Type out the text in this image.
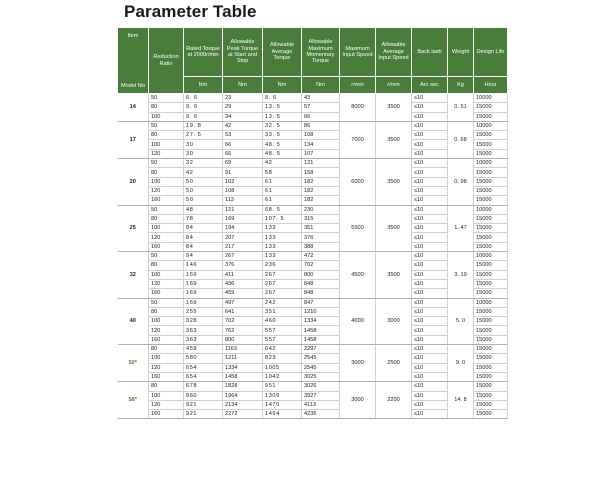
Parameter Table
Item
Model No	Reduction Ratio	Rated Torque at 2000r/min	Allowable Peak Torque at Start and Stop	Allowable Average Torque	Allowable Maximum Momentary Torque	Maximum Input Speed	Allowable Average Input Speed	Back lash	Weight	Design Life
		Nm	Nm	Nm	Nm	r/min	r/min	Arc sec	Kg	Hour
14	50	6. 6	23	8. 6	43	8000	3500	≤10	0. 51	10000
	80	9. 6	29	13. 5	57			≤10		15000
	100	9. 6	34	13. 5	66			≤10		15000
17	50	19. 8	42	32. 5	86	7000	3500	≤10	0. 68	10000
	80	27. 5	53	33. 5	108			≤10		15000
	100	30	66	48. 5	134			≤10		15000
	120	30	66	48. 5	107			≤10		15000
20	50	32	69	42	121	6000	3500	≤10	0. 98	10000
	80	42	91	58	158			≤10		15000
	100	50	102	61	182			≤10		15000
	120	50	108	61	182			≤10		15000
	160	50	113	61	182			≤10		15000
25	50	48	121	68. 5	230	5500	3500	≤10	1. 47	10000
	80	78	169	107. 5	315			≤10		15000
	100	84	194	133	351			≤10		15000
	120	84	207	133	376			≤10		15000
	160	84	217	133	388			≤10		15000
32	50	94	267	133	472	4500	3500	≤10	3. 19	10000
	80	146	376	236	702			≤10		15000
	100	169	411	267	800			≤10		15000
	120	169	436	267	848			≤10		15000
	160	169	459	267	848			≤10		15000
40	50	169	497	242	847	4000	3000	≤10	5. 0	10000
	80	255	641	351	1210			≤10		15000
	100	328	702	460	1334			≤10		15000
	120	363	762	557	1458			≤10		15000
	160	363	800	557	1458			≤10		15000
50*	80	459	1163	642	2297	3000	2500	≤10	9. 0	15000
	100	580	1211	823	2545			≤10		15000
	120	654	1334	1005	2545			≤10		15000
	160	654	1458	1042	3025			≤10		15000
58*	80	678	1828	951	3026	3000	2200	≤10	14. 8	15000
	100	860	1964	1309	3927			≤10		15000
	120	921	2134	1470	4113			≤10		15000
	160	921	2272	1494	4236			≤10		15000
